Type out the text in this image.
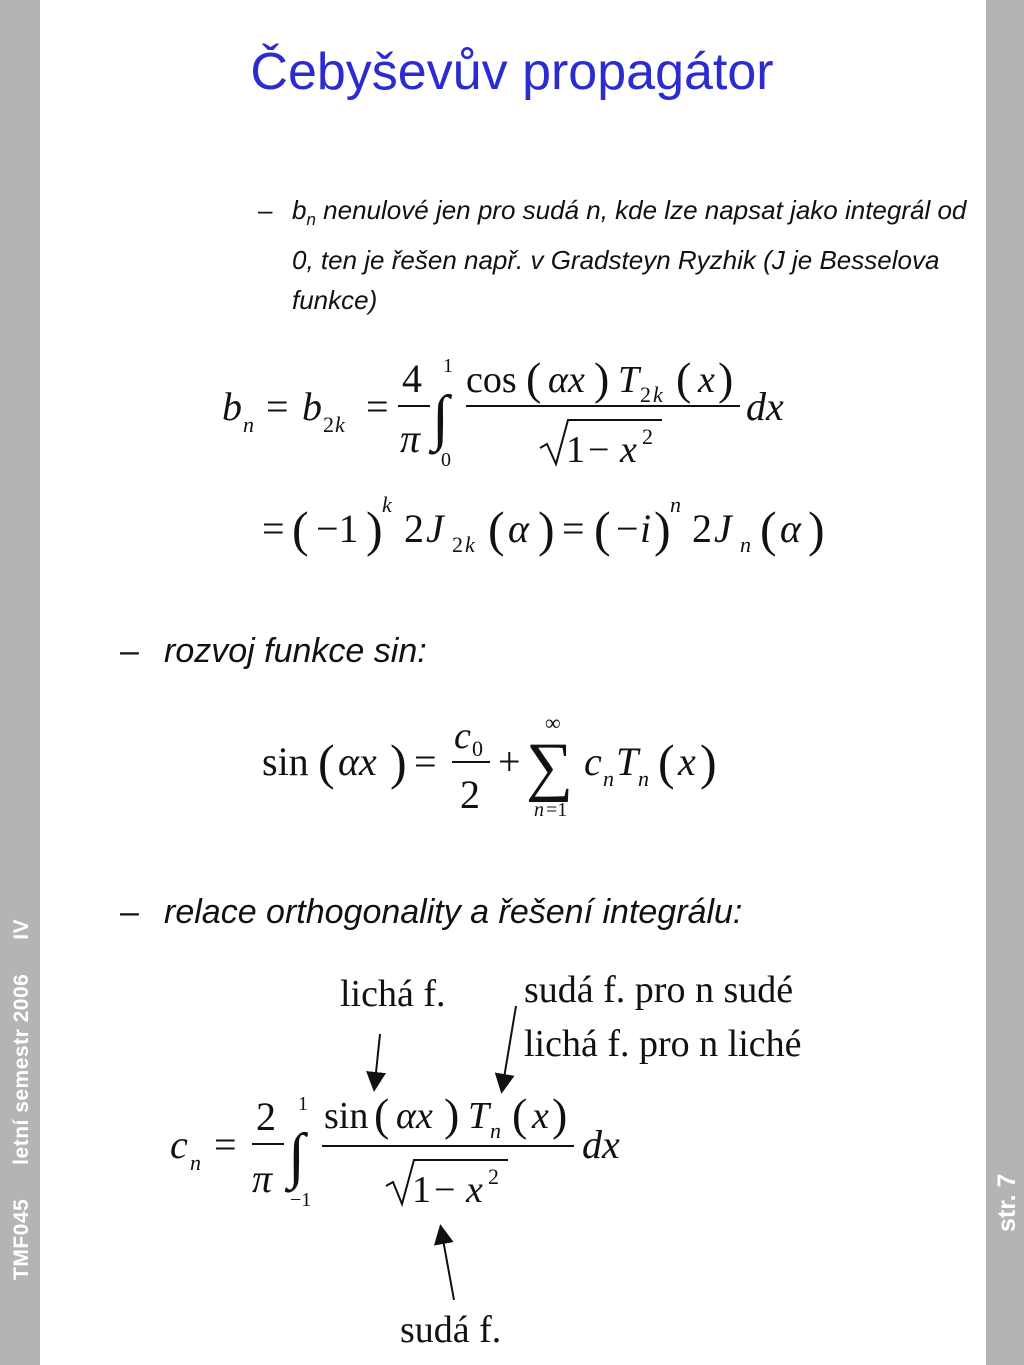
TMF045letní semestr 2006IV
str. 7
Čebyševův propagátor
– $b_n$ nenulové jen pro sudá n, kde lze napsat jako integrál od 0, ten je řešen např. v Gradsteyn Ryzhik (J je Besselova funkce)
b n = b 2 k =
4
π ∫
1
0
cos ( αx ) T 2 k ( x )
1 − x 2
dx
= ( −1 ) k
2 J 2 k ( α ) = ( − i ) n
2 J n ( α )
– rozvoj funkce sin:
sin ( αx ) =
c 0
2
+ ∑
∞
n =1
c n T n ( x )
– relace orthogonality a řešení integrálu:
lichá f. sudá f. pro n sudé
lichá f. pro n liché
sudá f.
c n =
2
π ∫
1
−1
sin ( αx ) T n ( x )
1 − x 2
dx
